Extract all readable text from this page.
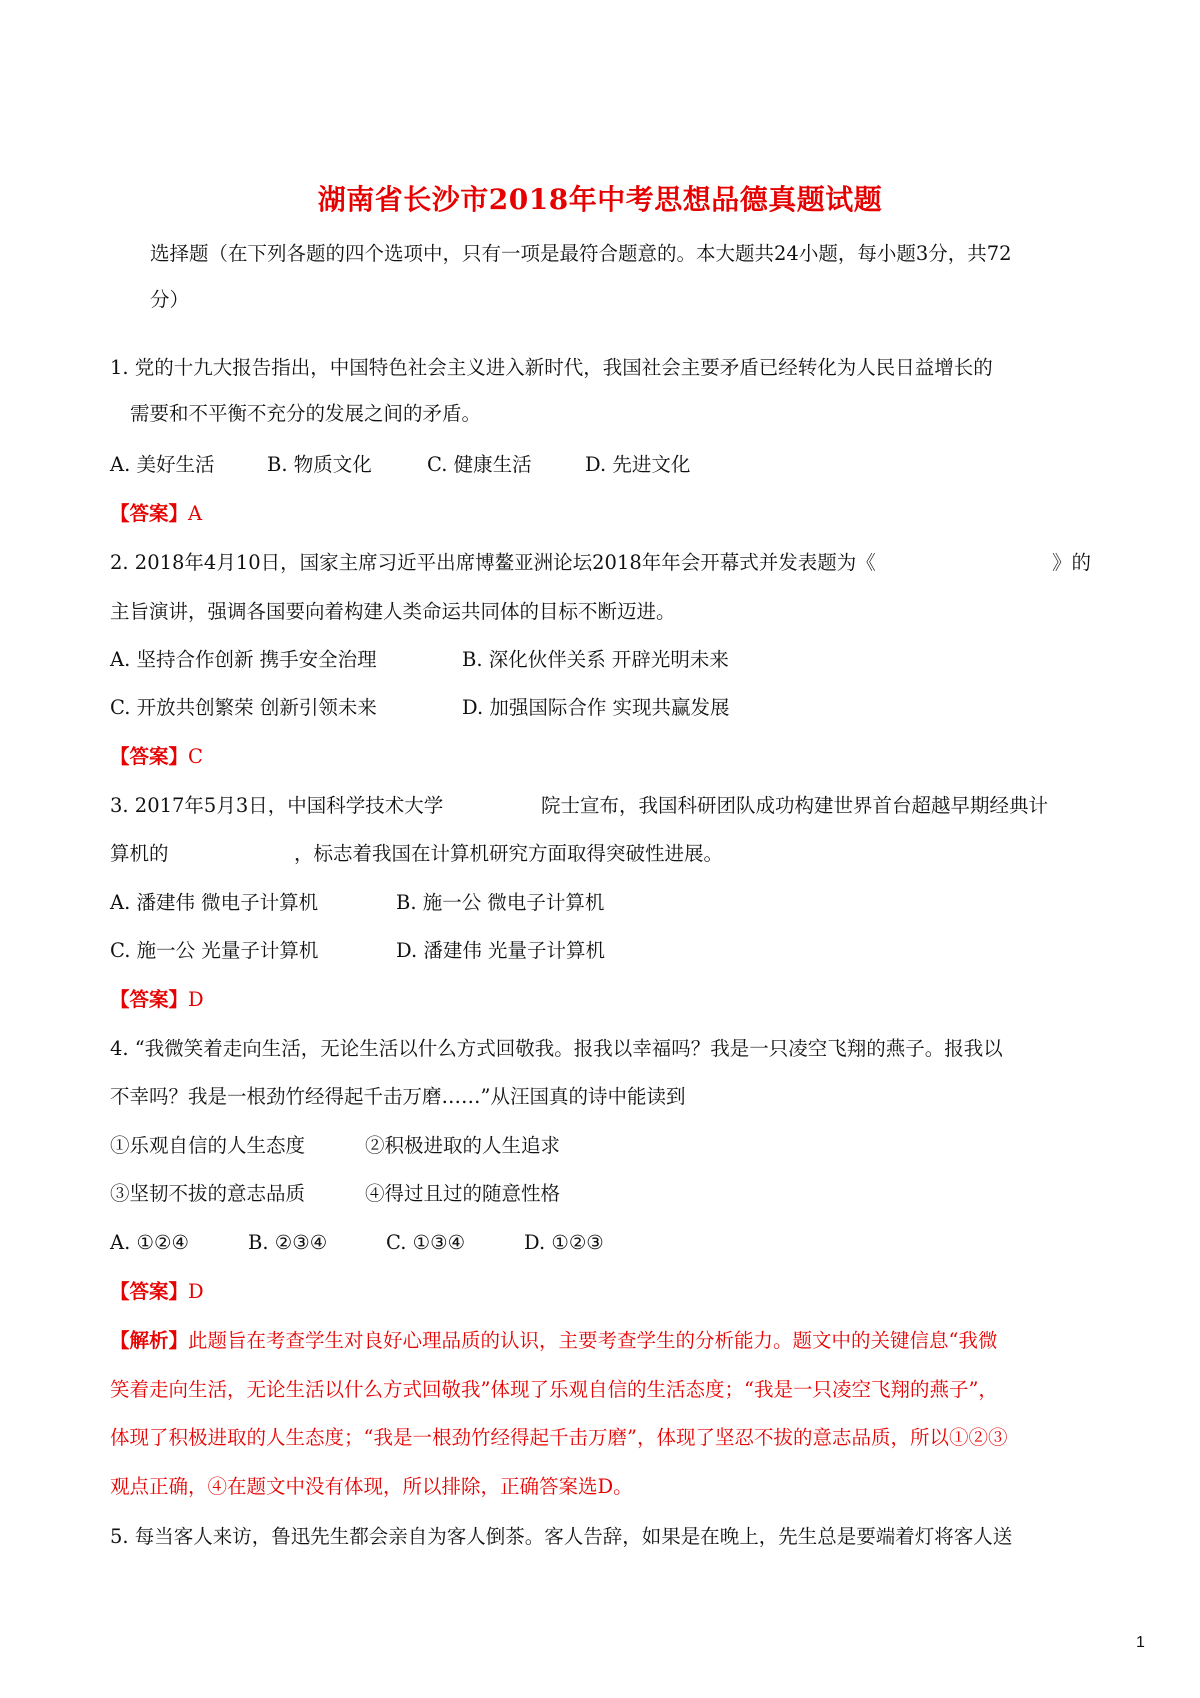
湖南省长沙市2018年中考思想品德真题试题
选择题（在下列各题的四个选项中，只有一项是最符合题意的。本大题共24小题，每小题3分，共72
分）
1. 党的十九大报告指出，中国特色社会主义进入新时代，我国社会主要矛盾已经转化为人民日益增长的
需要和不平衡不充分的发展之间的矛盾。
A. 美好生活	B. 物质文化	C. 健康生活	D. 先进文化
【答案】A
2. 2018年4月10日，国家主席习近平出席博鳌亚洲论坛2018年年会开幕式并发表题为《	》的
主旨演讲，强调各国要向着构建人类命运共同体的目标不断迈进。
A. 坚持合作创新 携手安全治理	B. 深化伙伴关系 开辟光明未来
C. 开放共创繁荣 创新引领未来	D. 加强国际合作 实现共赢发展
【答案】C
3. 2017年5月3日，中国科学技术大学	院士宣布，我国科研团队成功构建世界首台超越早期经典计
算机的	，标志着我国在计算机研究方面取得突破性进展。
A. 潘建伟 微电子计算机	B. 施一公 微电子计算机
C. 施一公 光量子计算机	D. 潘建伟 光量子计算机
【答案】D
4. “我微笑着走向生活，无论生活以什么方式回敬我。报我以幸福吗？我是一只凌空飞翔的燕子。报我以
不幸吗？我是一根劲竹经得起千击万磨……”从汪国真的诗中能读到
①乐观自信的人生态度	②积极进取的人生追求
③坚韧不拔的意志品质	④得过且过的随意性格
A. ①②④	B. ②③④	C. ①③④	D. ①②③
【答案】D
【解析】此题旨在考查学生对良好心理品质的认识，主要考查学生的分析能力。题文中的关键信息“我微
笑着走向生活，无论生活以什么方式回敬我”体现了乐观自信的生活态度；“我是一只凌空飞翔的燕子”，
体现了积极进取的人生态度；“我是一根劲竹经得起千击万磨”，体现了坚忍不拔的意志品质，所以①②③
观点正确，④在题文中没有体现，所以排除，正确答案选D。
5. 每当客人来访，鲁迅先生都会亲自为客人倒茶。客人告辞，如果是在晚上，先生总是要端着灯将客人送
1
